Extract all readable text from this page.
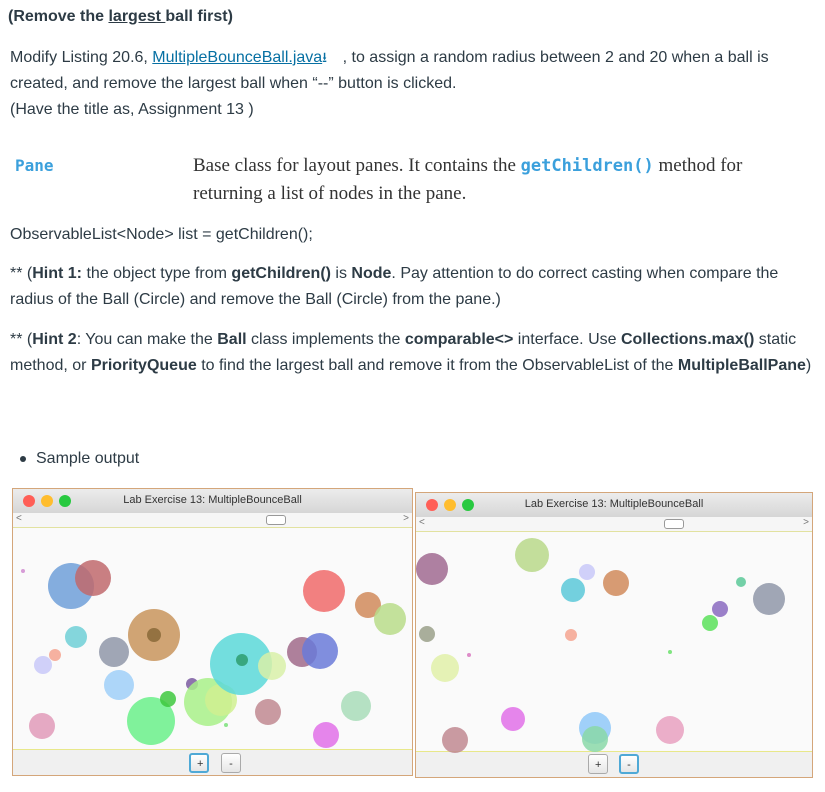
(Remove the largest ball first)

Modify Listing 20.6, MultipleBounceBall.java⭳ , to assign a random radius between 2 and 20 when a ball is created, and remove the largest ball when “--” button is clicked.
(Have the title as, Assignment 13 )

Pane	Base class for layout panes. It contains the getChildren() method for returning a list of nodes in the pane.

ObservableList<Node> list = getChildren();

** (Hint 1: the object type from getChildren() is Node. Pay attention to do correct casting when compare the radius of the Ball (Circle) and remove the Ball (Circle) from the pane.)

** (Hint 2: You can make the Ball class implements the comparable<> interface. Use Collections.max() static method, or PriorityQueue to find the largest ball and remove it from the ObservableList of the MultipleBallPane)

Sample output
Lab Exercise 13: MultipleBounceBall
<	>
+	-
Lab Exercise 13: MultipleBounceBall
<	>
+	-
